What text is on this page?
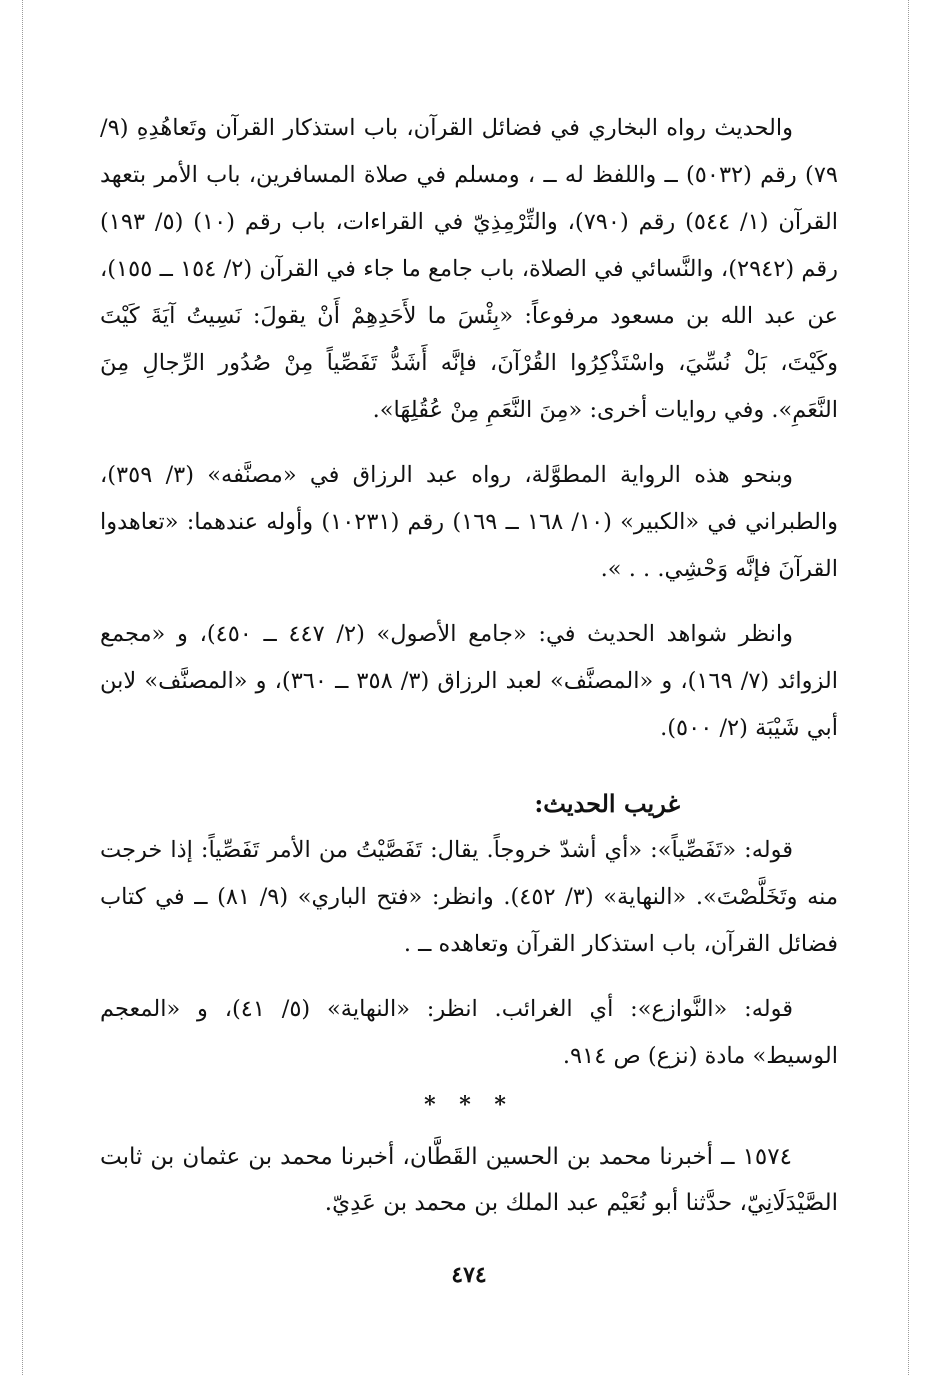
والحديث رواه البخاري في فضائل القرآن، باب استذكار القرآن وتَعاهُدِهِ (٩/ ٧٩) رقم (٥٠٣٢) ــ واللفظ له ــ ، ومسلم في صلاة المسافرين، باب الأمر بتعهد القرآن (١/ ٥٤٤) رقم (٧٩٠)، والتِّرْمِذِيّ في القراءات، باب رقم (١٠) (٥/ ١٩٣) رقم (٢٩٤٢)، والنَّسائي في الصلاة، باب جامع ما جاء في القرآن (٢/ ١٥٤ ــ ١٥٥)، عن عبد الله بن مسعود مرفوعاً: «بِئْسَ ما لأَحَدِهِمْ أَنْ يقولَ: نَسِيتُ آيَةَ كَيْتَ وكَيْتَ، بَلْ نُسِّيَ، واسْتَذْكِرُوا القُرْآنَ، فإنَّه أَشَدُّ تَفَصِّياً مِنْ صُدُور الرِّجالِ مِنَ النَّعَمِ». وفي روايات أخرى: «مِنَ النَّعَمِ مِنْ عُقُلِهَا».

وبنحو هذه الرواية المطوَّلة، رواه عبد الرزاق في «مصنَّفه» (٣/ ٣٥٩)، والطبراني في «الكبير» (١٠/ ١٦٨ ــ ١٦٩) رقم (١٠٢٣١) وأوله عندهما: «تعاهدوا القرآنَ فإنَّه وَحْشِي. . . ».

وانظر شواهد الحديث في: «جامع الأصول» (٢/ ٤٤٧ ــ ٤٥٠)، و «مجمع الزوائد (٧/ ١٦٩)، و «المصنَّف» لعبد الرزاق (٣/ ٣٥٨ ــ ٣٦٠)، و «المصنَّف» لابن أبي شَيْبَة (٢/ ٥٠٠).

غريب الحديث:

قوله: «تَفَصِّياً»: «أي أشدّ خروجاً. يقال: تَفَصَّيْتُ من الأمر تَفَصِّياً: إذا خرجت منه وتَخَلَّصْتَ». «النهاية» (٣/ ٤٥٢). وانظر: «فتح الباري» (٩/ ٨١) ــ في كتاب فضائل القرآن، باب استذكار القرآن وتعاهده ــ .

قوله: «النَّوازع»: أي الغرائب. انظر: «النهاية» (٥/ ٤١)، و «المعجم الوسيط» مادة (نزع) ص ٩١٤.

* * *

١٥٧٤ ــ أخبرنا محمد بن الحسين القَطَّان، أخبرنا محمد بن عثمان بن ثابت الصَّيْدَلَانِيّ، حدَّثنا أبو نُعَيْم عبد الملك بن محمد بن عَدِيّ.

٤٧٤
